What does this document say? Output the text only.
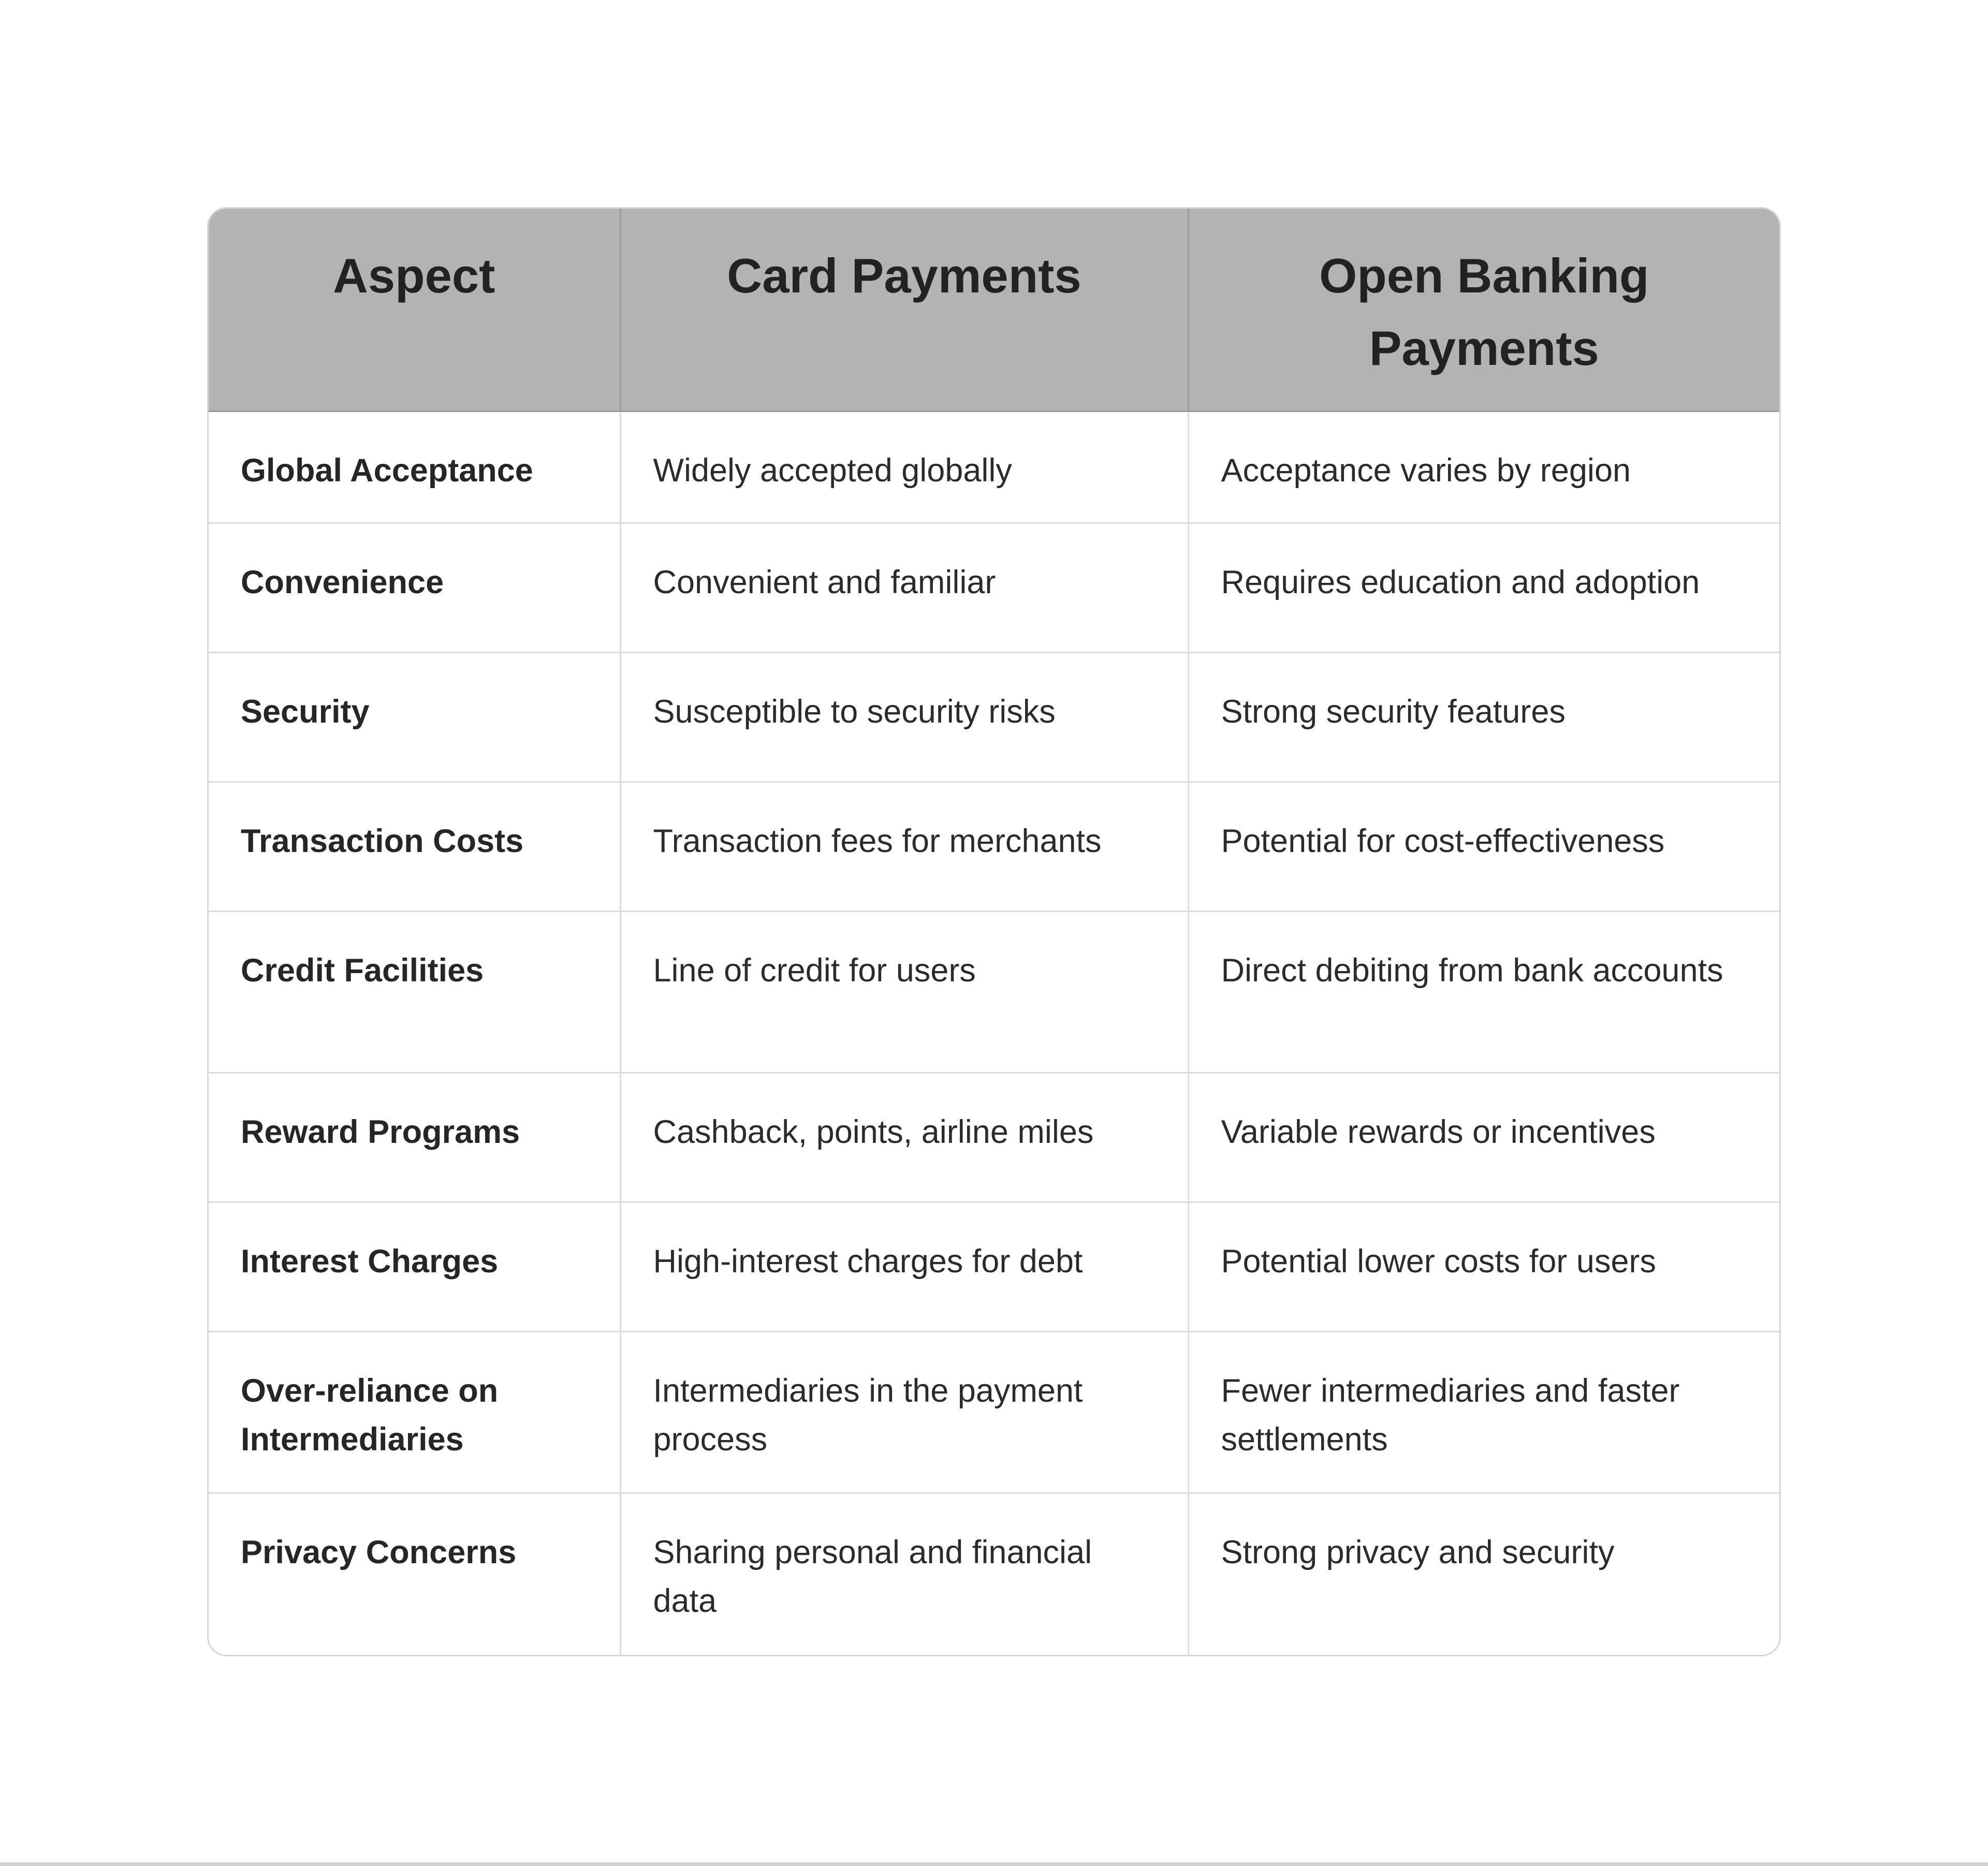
Aspect	Card Payments	Open Banking Payments
Global Acceptance	Widely accepted globally	Acceptance varies by region
Convenience	Convenient and familiar	Requires education and adoption
Security	Susceptible to security risks	Strong security features
Transaction Costs	Transaction fees for merchants	Potential for cost-effectiveness
Credit Facilities	Line of credit for users	Direct debiting from bank accounts
Reward Programs	Cashback, points, airline miles	Variable rewards or incentives
Interest Charges	High-interest charges for debt	Potential lower costs for users
Over-reliance on Intermediaries	Intermediaries in the payment process	Fewer intermediaries and faster settlements
Privacy Concerns	Sharing personal and financial data	Strong privacy and security
